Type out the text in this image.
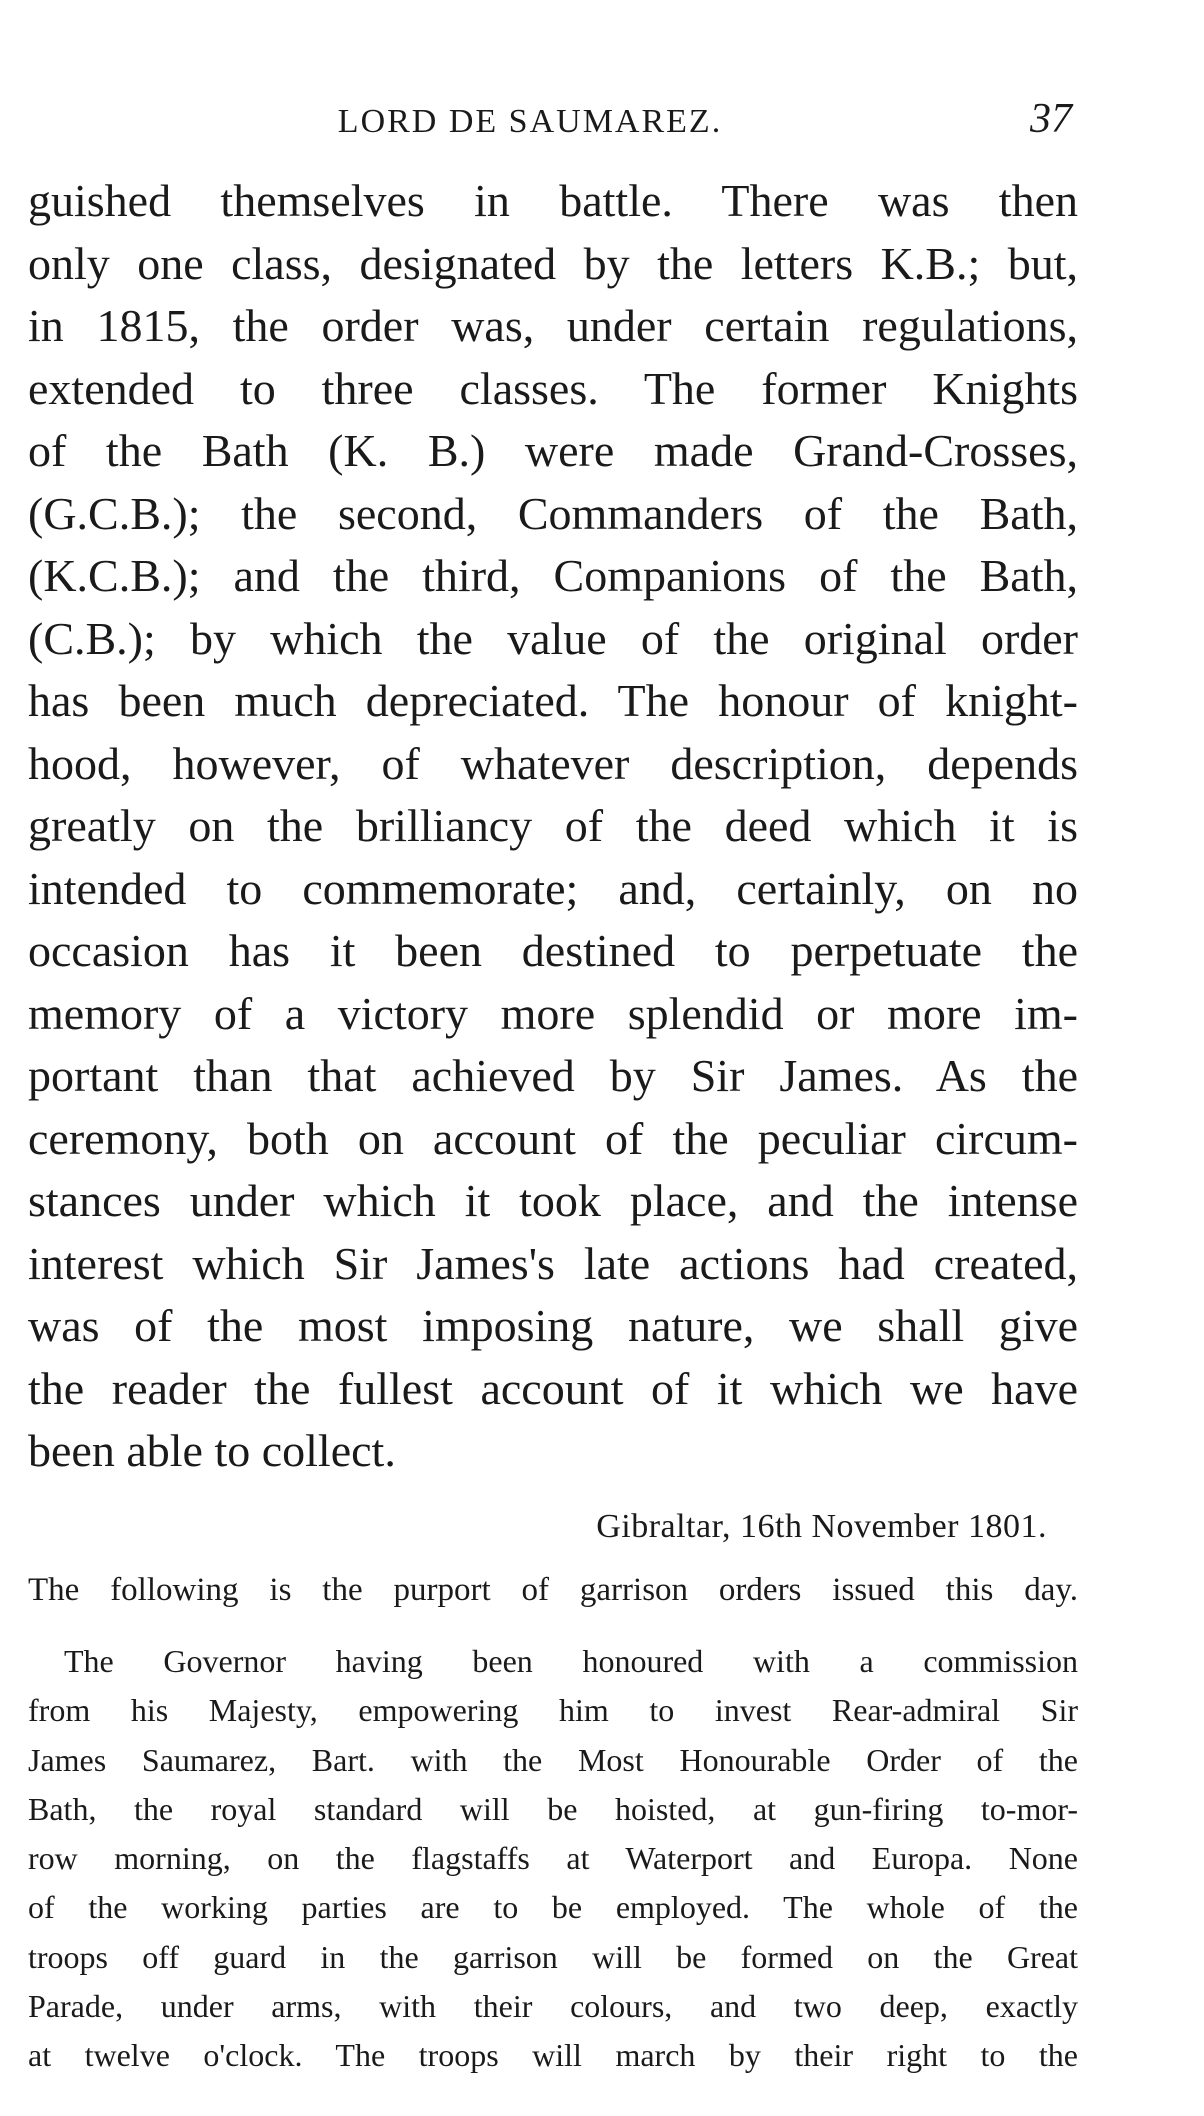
LORD DE SAUMAREZ.	37
guished themselves in battle. There was then
only one class, designated by the letters K.B.; but,
in 1815, the order was, under certain regulations,
extended to three classes. The former Knights
of the Bath (K. B.) were made Grand-Crosses,
(G.C.B.); the second, Commanders of the Bath,
(K.C.B.); and the third, Companions of the Bath,
(C.B.); by which the value of the original order
has been much depreciated. The honour of knight-
hood, however, of whatever description, depends
greatly on the brilliancy of the deed which it is
intended to commemorate; and, certainly, on no
occasion has it been destined to perpetuate the
memory of a victory more splendid or more im-
portant than that achieved by Sir James. As the
ceremony, both on account of the peculiar circum-
stances under which it took place, and the intense
interest which Sir James's late actions had created,
was of the most imposing nature, we shall give
the reader the fullest account of it which we have
been able to collect.
Gibraltar, 16th November 1801.
The following is the purport of garrison orders issued this day.
The Governor having been honoured with a commission
from his Majesty, empowering him to invest Rear-admiral Sir
James Saumarez, Bart. with the Most Honourable Order of the
Bath, the royal standard will be hoisted, at gun-firing to-mor-
row morning, on the flagstaffs at Waterport and Europa. None
of the working parties are to be employed. The whole of the
troops off guard in the garrison will be formed on the Great
Parade, under arms, with their colours, and two deep, exactly
at twelve o'clock. The troops will march by their right to the
